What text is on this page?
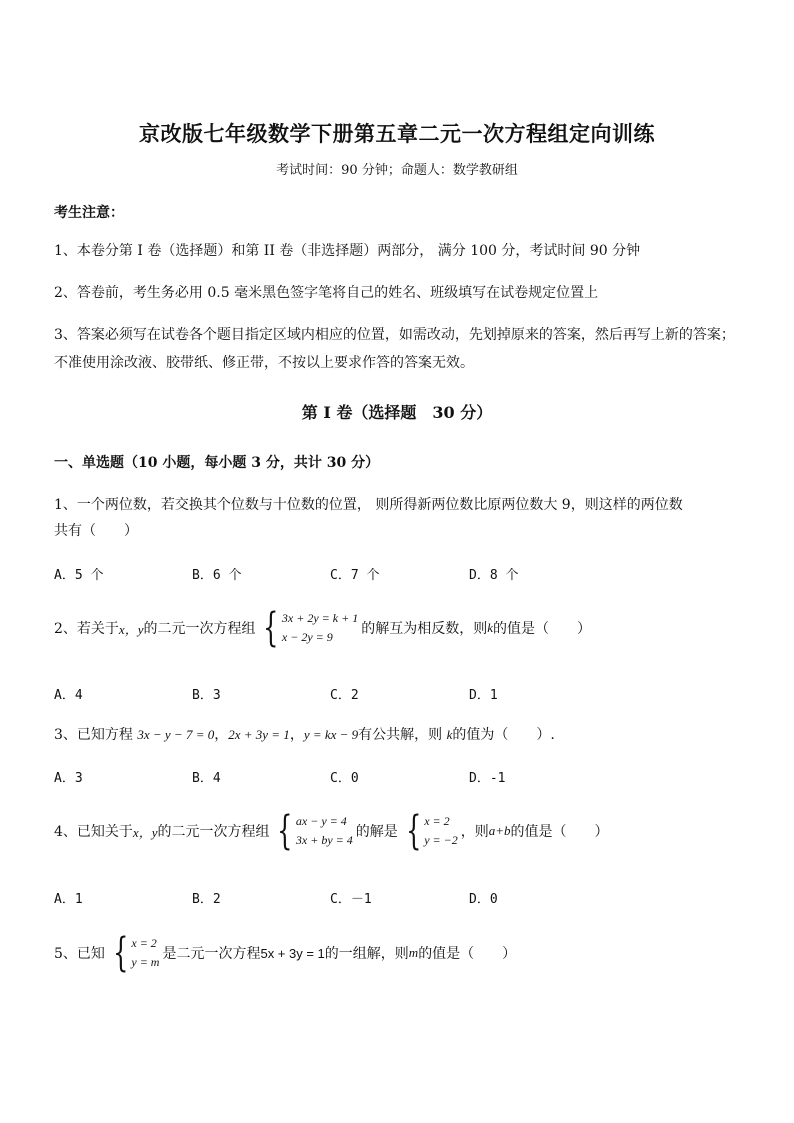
京改版七年级数学下册第五章二元一次方程组定向训练
考试时间：90 分钟；命题人：数学教研组
考生注意：
1、本卷分第 I 卷（选择题）和第 II 卷（非选择题）两部分， 满分 100 分，考试时间 90 分钟
2、答卷前，考生务必用 0.5 毫米黑色签字笔将自己的姓名、班级填写在试卷规定位置上
3、答案必须写在试卷各个题目指定区域内相应的位置，如需改动，先划掉原来的答案，然后再写上新的答案；不准使用涂改液、胶带纸、修正带，不按以上要求作答的答案无效。
第 I 卷（选择题　30 分）
一、单选题（10 小题，每小题 3 分，共计 30 分）
1、一个两位数，若交换其个位数与十位数的位置， 则所得新两位数比原两位数大 9，则这样的两位数
共有（　　）
A．5 个	B．6 个	C．7 个	D．8 个
2、若关于 x，y 的二元一次方程组 { 3x + 2y = k + 1
x − 2y = 9	的解互为相反数，则 k 的值是（　　）
A．4	B．3	C．2	D．1
3、已知方程 3x − y − 7 = 0，2x + 3y = 1，y = kx − 9有公共解，则 k的值为（　　）.
A．3	B．4	C．0	D．-1
4、已知关于 x，y 的二元一次方程组 { ax − y = 4
3x + by = 4 的解是 { x = 2
y = −2 ，则 a+b 的值是（　　）
A．1	B．2	C．－1	D．0
5、已知 { x = 2
y = m 是二元一次方程 5x + 3y = 1 的一组解，则 m 的值是（　　）
